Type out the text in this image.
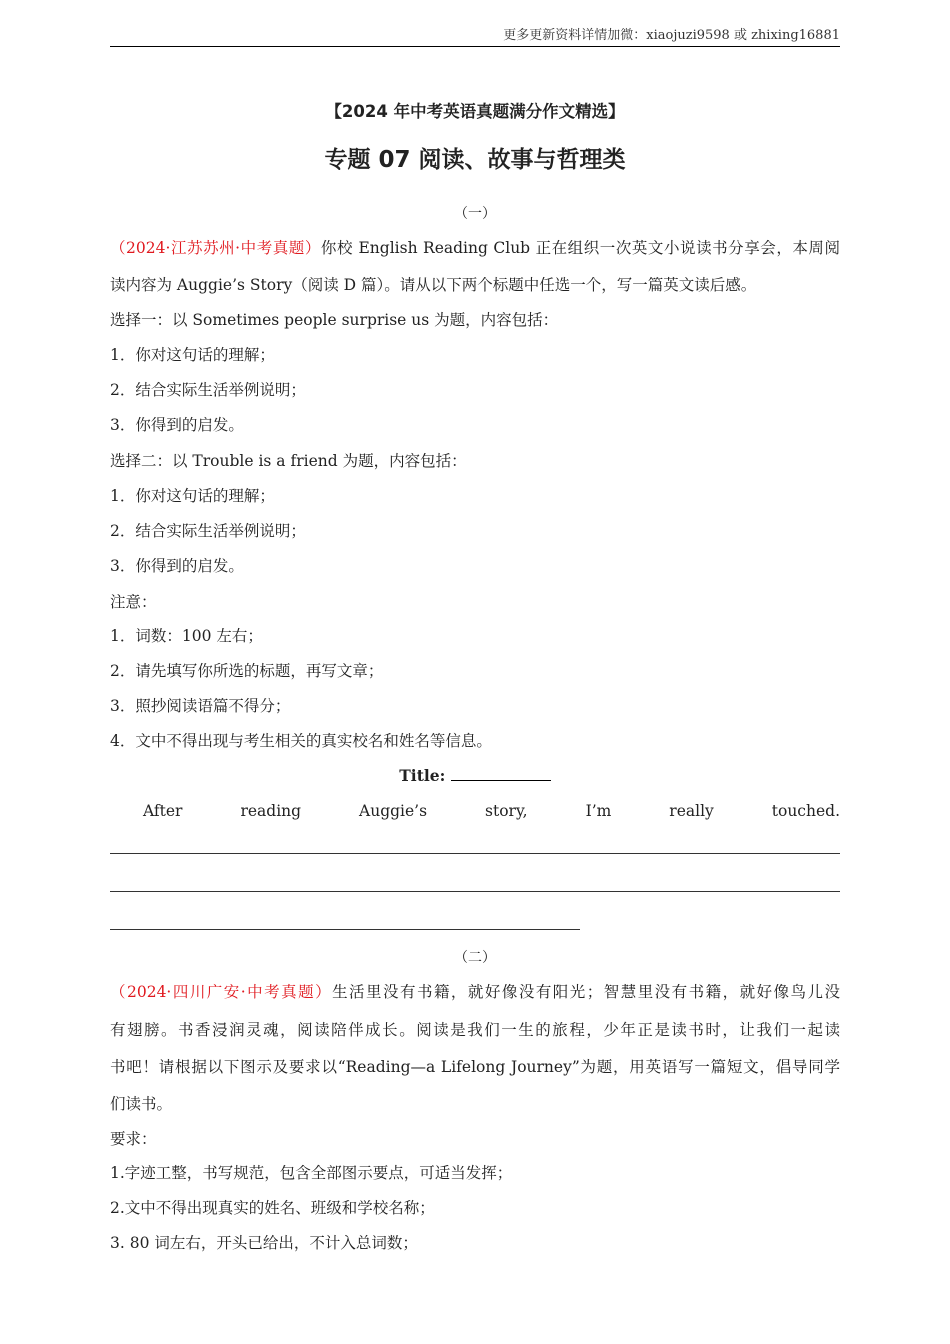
更多更新资料详情加微：xiaojuzi9598 或 zhixing16881
【2024 年中考英语真题满分作文精选】
专题 07 阅读、故事与哲理类
（一）
（2024·江苏苏州·中考真题）你校 English Reading Club 正在组织一次英文小说读书分享会，本周阅
读内容为 Auggie’s Story（阅读 D 篇）。请从以下两个标题中任选一个，写一篇英文读后感。
选择一：以 Sometimes people surprise us 为题，内容包括：
1．你对这句话的理解；
2．结合实际生活举例说明；
3．你得到的启发。
选择二：以 Trouble is a friend 为题，内容包括：
1．你对这句话的理解；
2．结合实际生活举例说明；
3．你得到的启发。
注意：
1．词数：100 左右；
2．请先填写你所选的标题，再写文章；
3．照抄阅读语篇不得分；
4．文中不得出现与考生相关的真实校名和姓名等信息。
Title:
After	reading	Auggie’s	story,	I’m	really	touched.
（二）
（2024·四川广安·中考真题）生活里没有书籍，就好像没有阳光；智慧里没有书籍，就好像鸟儿没
有翅膀。书香浸润灵魂，阅读陪伴成长。阅读是我们一生的旅程，少年正是读书时，让我们一起读
书吧！请根据以下图示及要求以“Reading—a Lifelong Journey”为题，用英语写一篇短文，倡导同学
们读书。
要求：
1.字迹工整，书写规范，包含全部图示要点，可适当发挥；
2.文中不得出现真实的姓名、班级和学校名称；
3. 80 词左右，开头已给出，不计入总词数；
